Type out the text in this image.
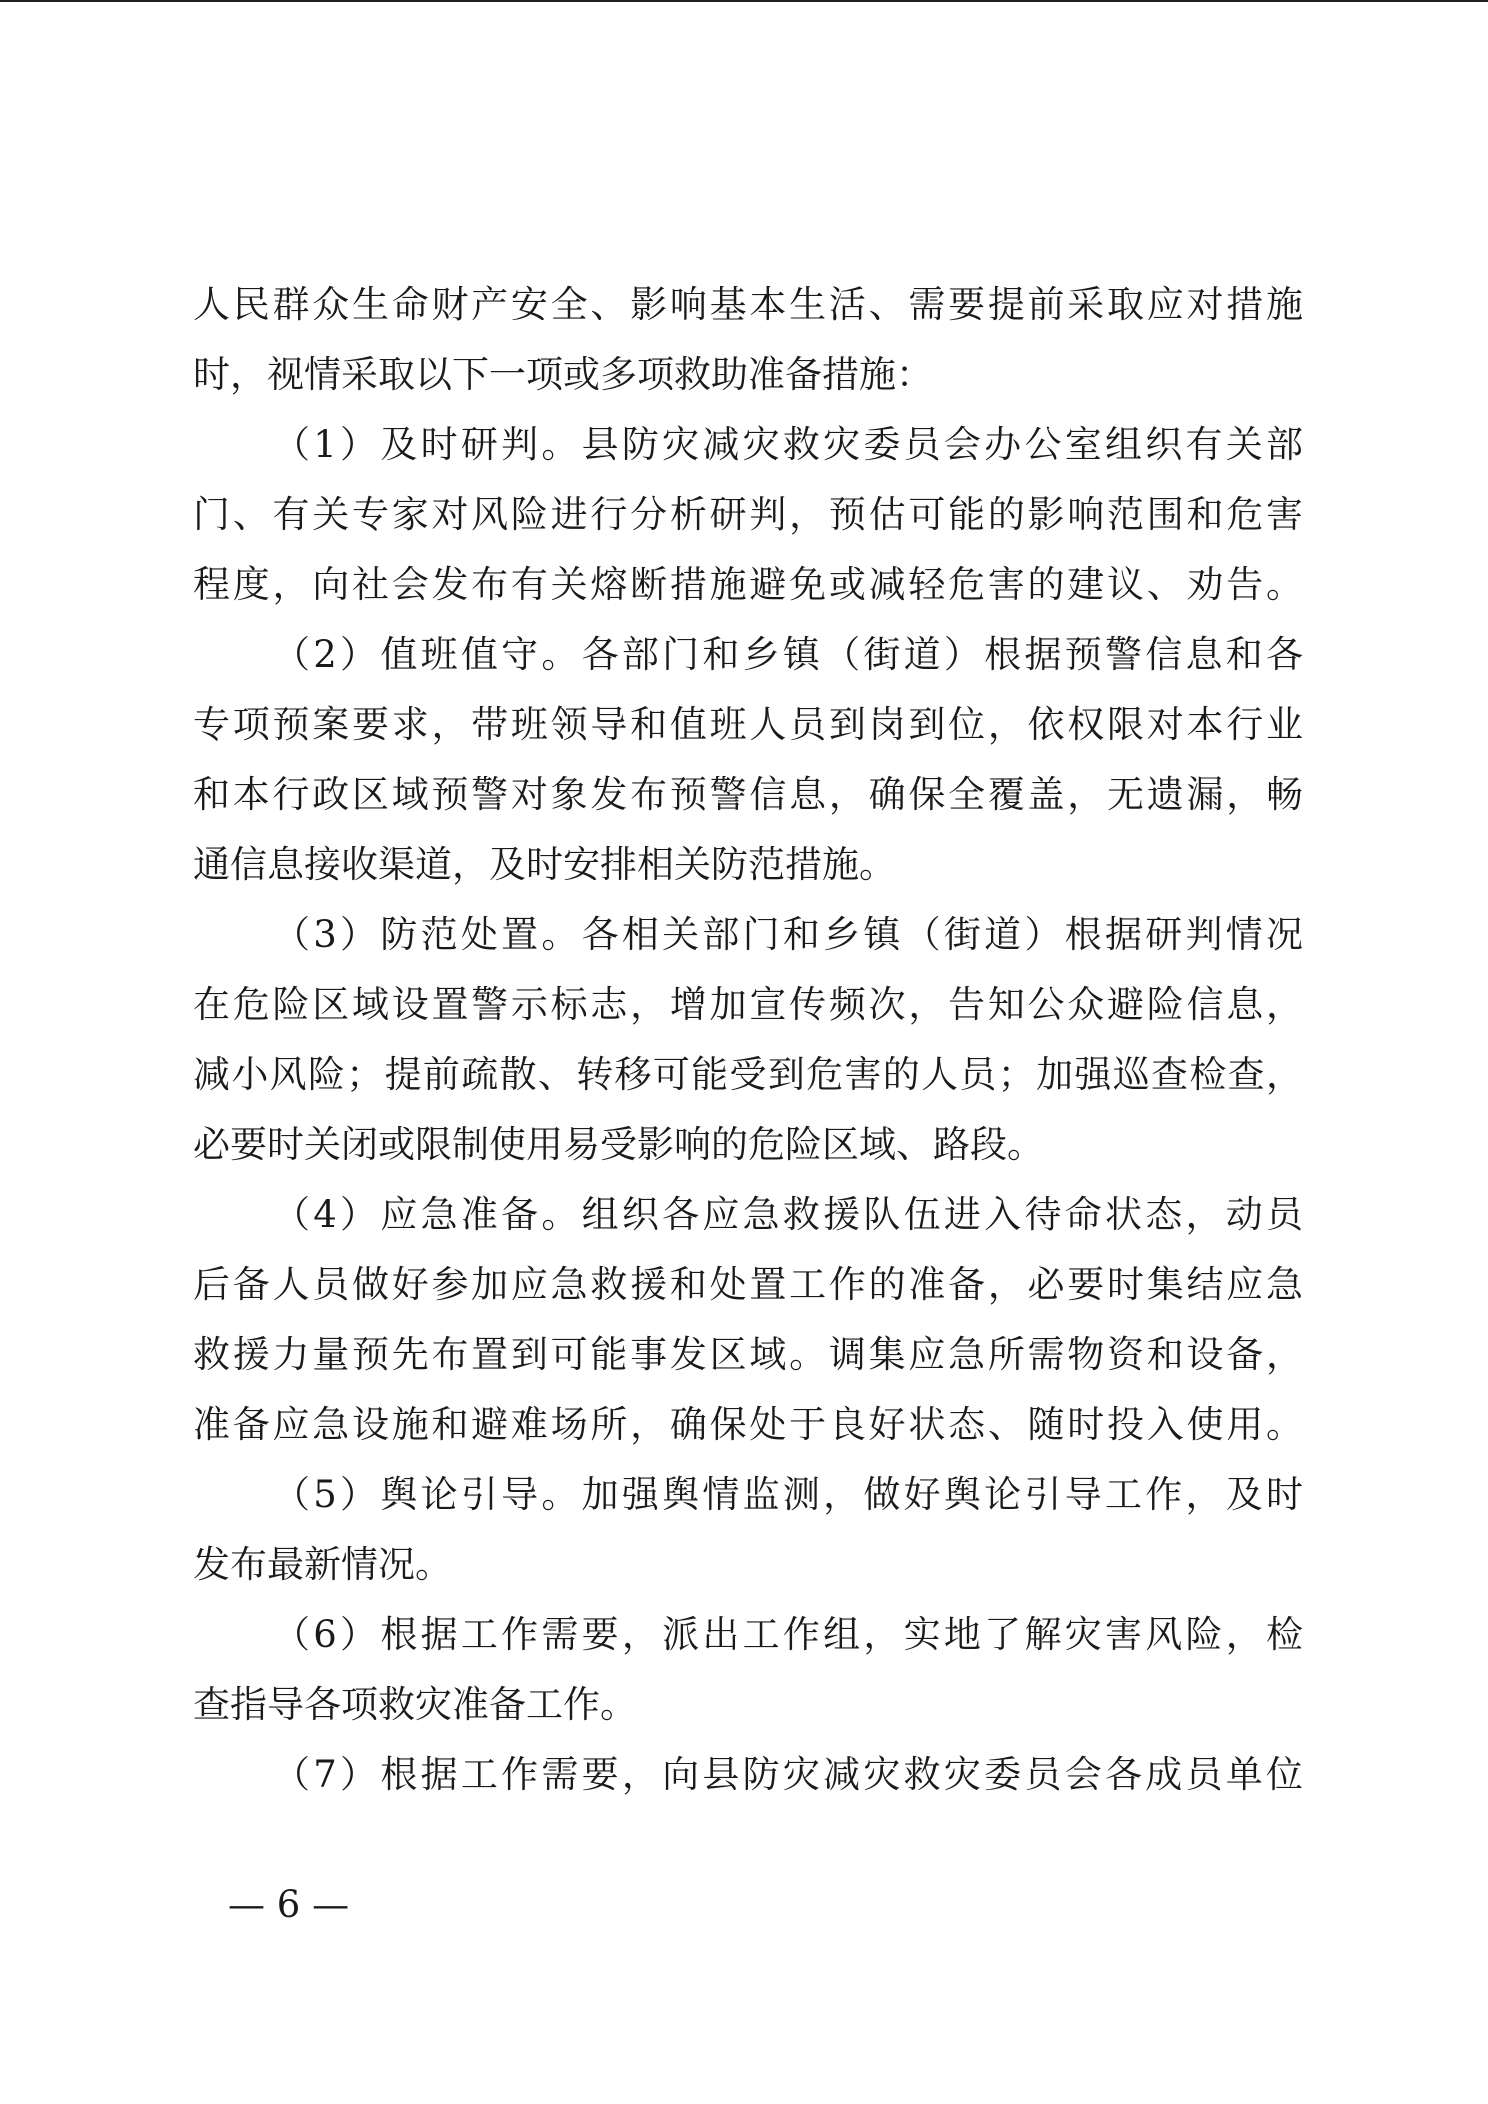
人民群众生命财产安全、影响基本生活、需要提前采取应对措施

时，视情采取以下一项或多项救助准备措施：

（1）及时研判。县防灾减灾救灾委员会办公室组织有关部

门、有关专家对风险进行分析研判，预估可能的影响范围和危害

程度，向社会发布有关熔断措施避免或减轻危害的建议、劝告。

（2）值班值守。各部门和乡镇（街道）根据预警信息和各

专项预案要求，带班领导和值班人员到岗到位，依权限对本行业

和本行政区域预警对象发布预警信息，确保全覆盖，无遗漏，畅

通信息接收渠道，及时安排相关防范措施。

（3）防范处置。各相关部门和乡镇（街道）根据研判情况

在危险区域设置警示标志，增加宣传频次，告知公众避险信息，

减小风险；提前疏散、转移可能受到危害的人员；加强巡查检查，

必要时关闭或限制使用易受影响的危险区域、路段。

（4）应急准备。组织各应急救援队伍进入待命状态，动员

后备人员做好参加应急救援和处置工作的准备，必要时集结应急

救援力量预先布置到可能事发区域。调集应急所需物资和设备，

准备应急设施和避难场所，确保处于良好状态、随时投入使用。

（5）舆论引导。加强舆情监测，做好舆论引导工作，及时

发布最新情况。

（6）根据工作需要，派出工作组，实地了解灾害风险，检

查指导各项救灾准备工作。

（7）根据工作需要，向县防灾减灾救灾委员会各成员单位

— 6 —
